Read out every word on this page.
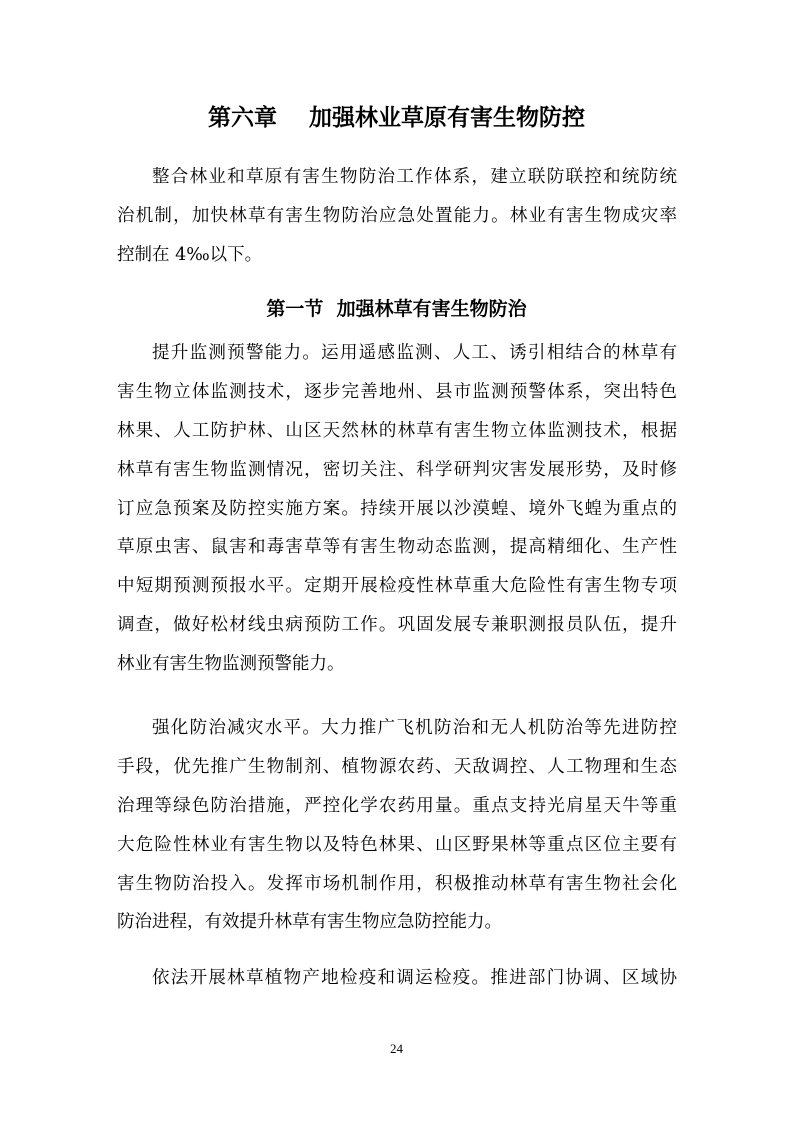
第六章    加强林业草原有害生物防控
整合林业和草原有害生物防治工作体系，建立联防联控和统防统
治机制，加快林草有害生物防治应急处置能力。林业有害生物成灾率
控制在 4‰以下。
第一节  加强林草有害生物防治
提升监测预警能力。运用遥感监测、人工、诱引相结合的林草有
害生物立体监测技术，逐步完善地州、县市监测预警体系，突出特色
林果、人工防护林、山区天然林的林草有害生物立体监测技术，根据
林草有害生物监测情况，密切关注、科学研判灾害发展形势，及时修
订应急预案及防控实施方案。持续开展以沙漠蝗、境外飞蝗为重点的
草原虫害、鼠害和毒害草等有害生物动态监测，提高精细化、生产性
中短期预测预报水平。定期开展检疫性林草重大危险性有害生物专项
调查，做好松材线虫病预防工作。巩固发展专兼职测报员队伍，提升
林业有害生物监测预警能力。
强化防治减灾水平。大力推广飞机防治和无人机防治等先进防控
手段，优先推广生物制剂、植物源农药、天敌调控、人工物理和生态
治理等绿色防治措施，严控化学农药用量。重点支持光肩星天牛等重
大危险性林业有害生物以及特色林果、山区野果林等重点区位主要有
害生物防治投入。发挥市场机制作用，积极推动林草有害生物社会化
防治进程，有效提升林草有害生物应急防控能力。
依法开展林草植物产地检疫和调运检疫。推进部门协调、区域协
24
